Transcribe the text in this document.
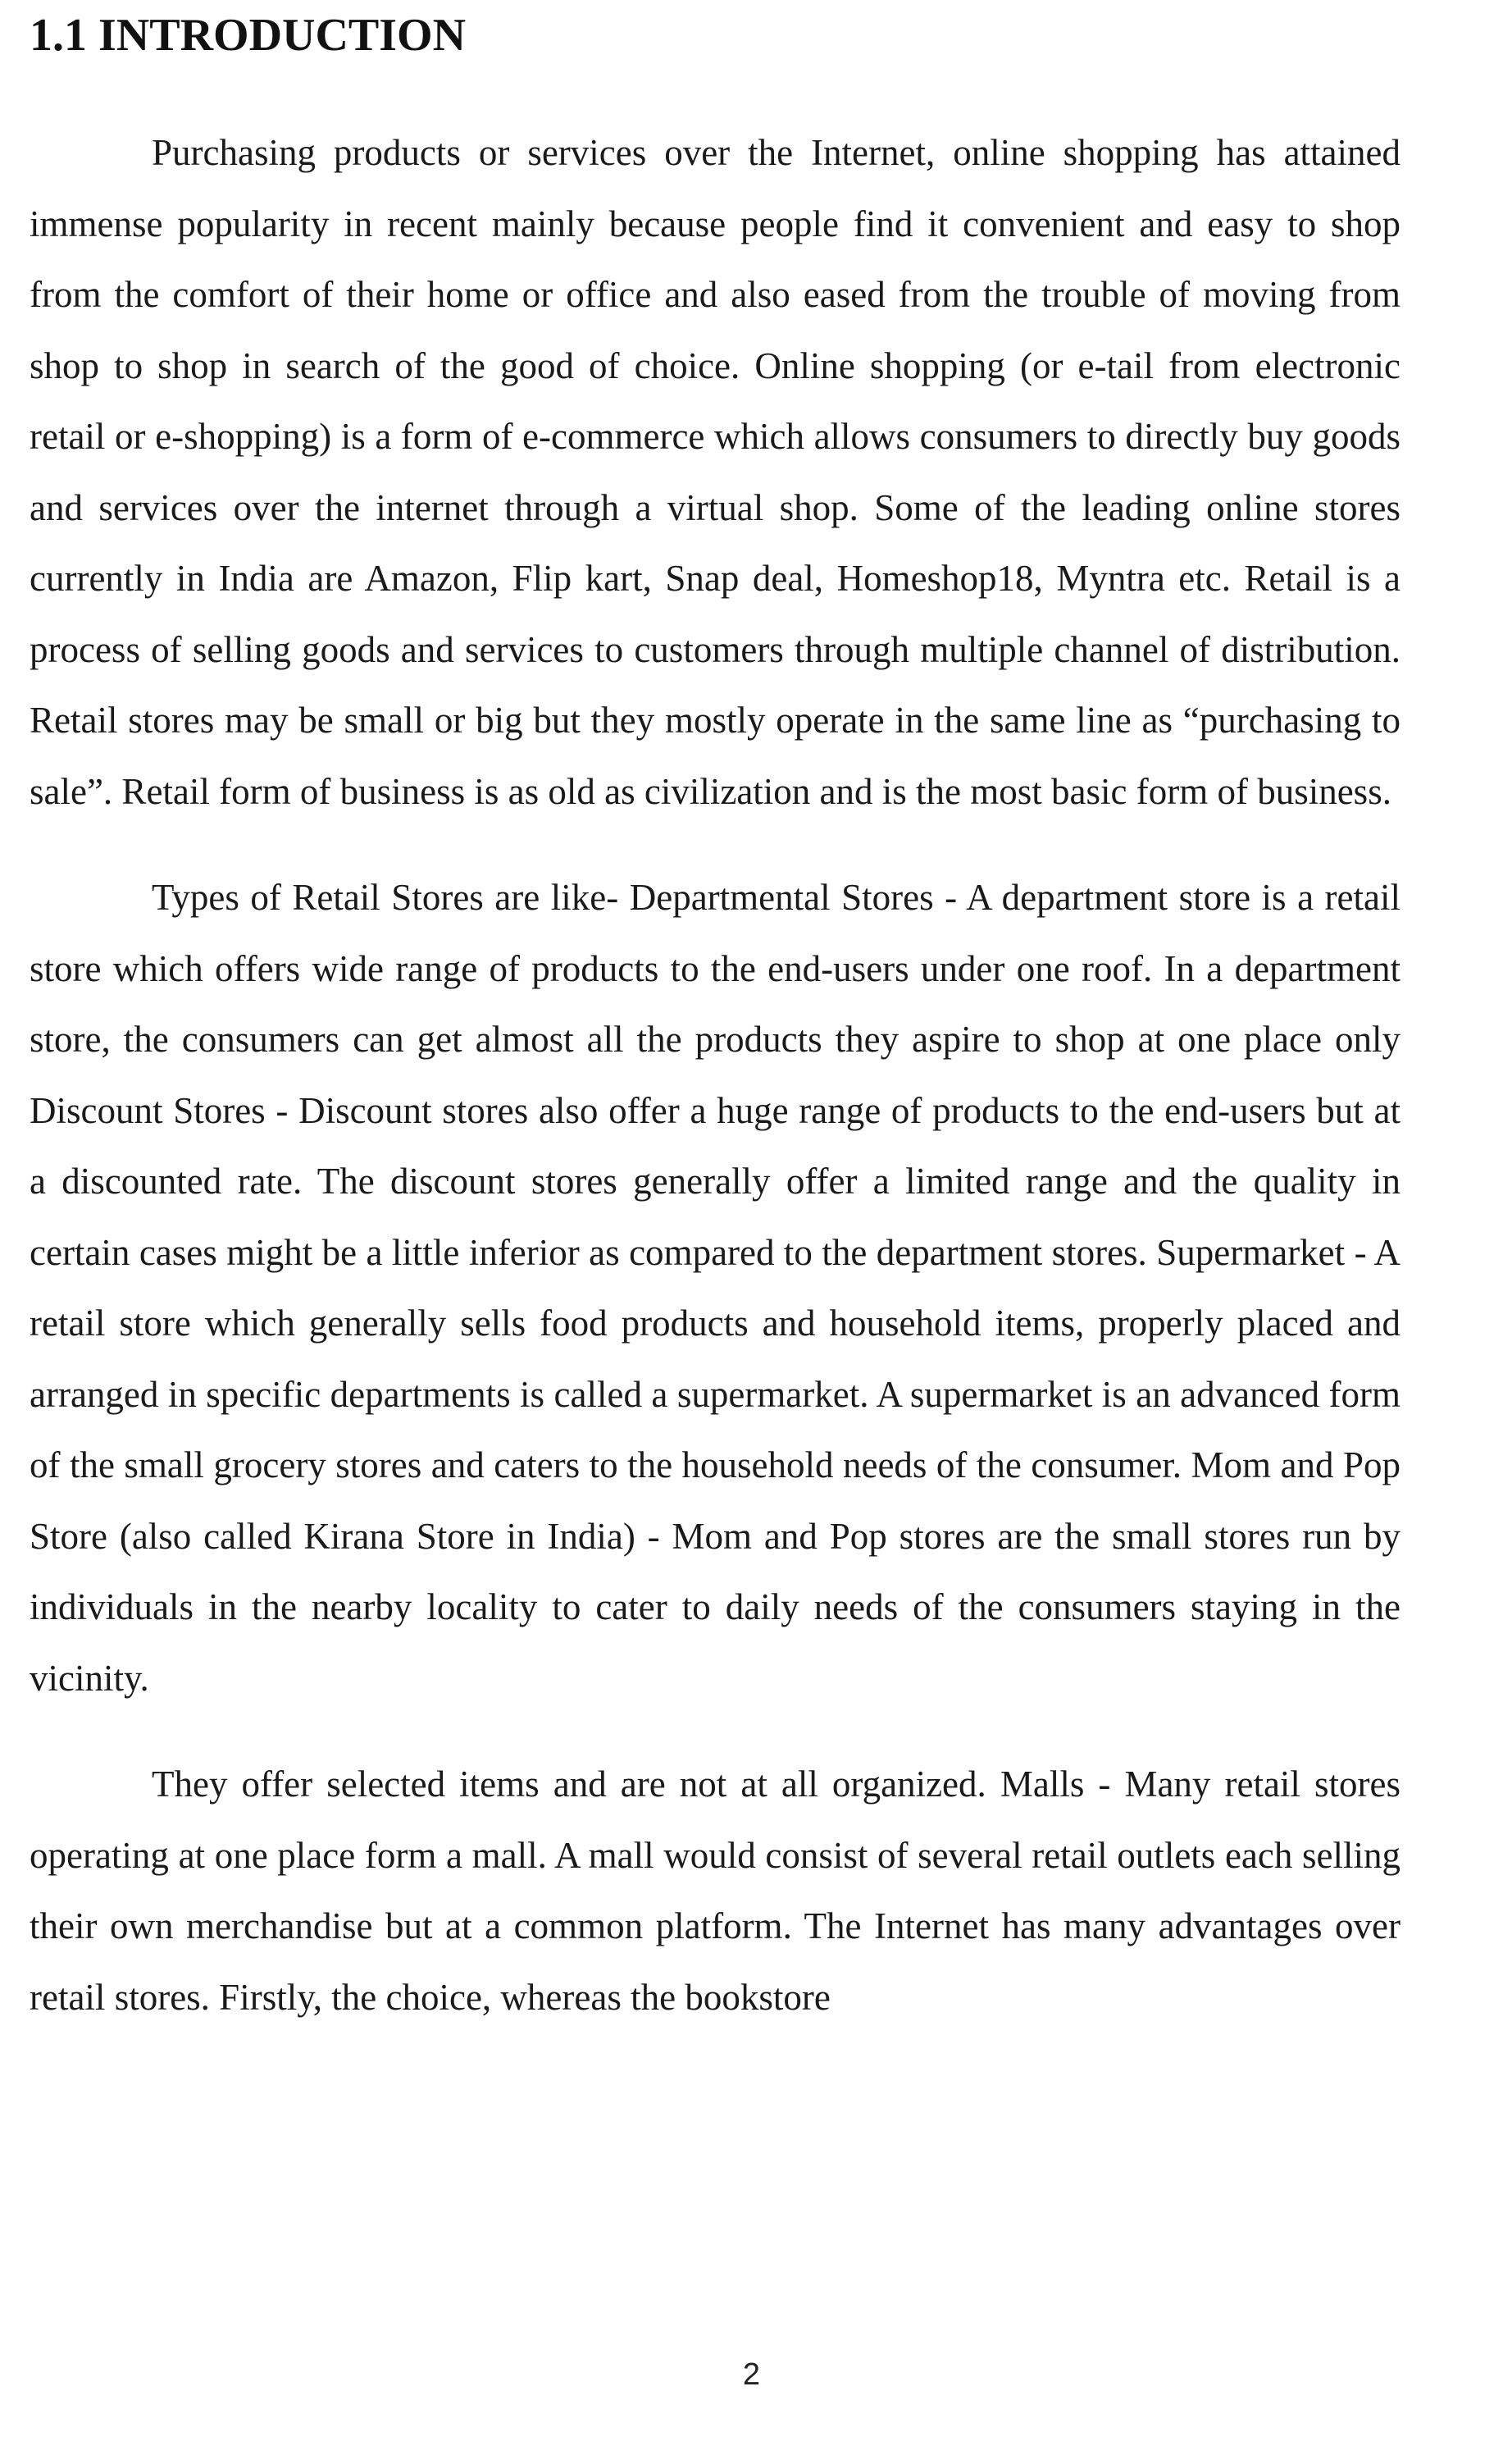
1.1 INTRODUCTION

Purchasing products or services over the Internet, online shopping has attained immense popularity in recent mainly because people find it convenient and easy to shop from the comfort of their home or office and also eased from the trouble of moving from shop to shop in search of the good of choice. Online shopping (or e-tail from electronic retail or e-shopping) is a form of e-commerce which allows consumers to directly buy goods and services over the internet through a virtual shop. Some of the leading online stores currently in India are Amazon, Flip kart, Snap deal, Homeshop18, Myntra etc. Retail is a process of selling goods and services to customers through multiple channel of distribution. Retail stores may be small or big but they mostly operate in the same line as “purchasing to sale”. Retail form of business is as old as civilization and is the most basic form of business.

Types of Retail Stores are like- Departmental Stores - A department store is a retail store which offers wide range of products to the end-users under one roof. In a department store, the consumers can get almost all the products they aspire to shop at one place only Discount Stores - Discount stores also offer a huge range of products to the end-users but at a discounted rate. The discount stores generally offer a limited range and the quality in certain cases might be a little inferior as compared to the department stores. Supermarket - A retail store which generally sells food products and household items, properly placed and arranged in specific departments is called a supermarket. A supermarket is an advanced form of the small grocery stores and caters to the household needs of the consumer. Mom and Pop Store (also called Kirana Store in India) - Mom and Pop stores are the small stores run by individuals in the nearby locality to cater to daily needs of the consumers staying in the vicinity.

They offer selected items and are not at all organized. Malls - Many retail stores operating at one place form a mall. A mall would consist of several retail outlets each selling their own merchandise but at a common platform. The Internet has many advantages over retail stores. Firstly, the choice, whereas the bookstore

2
